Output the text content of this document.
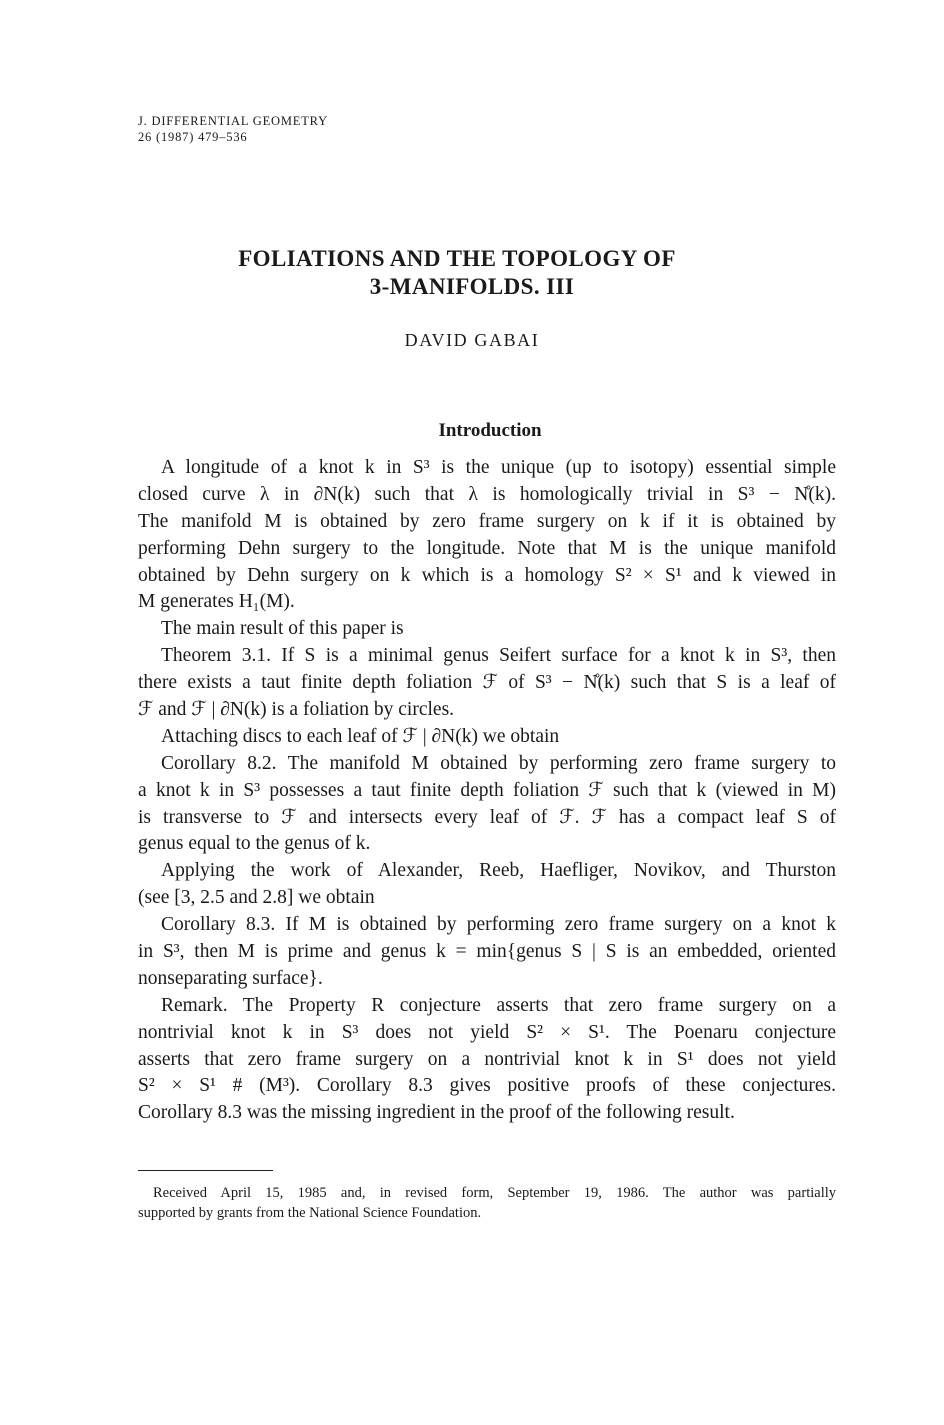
J. DIFFERENTIAL GEOMETRY
26 (1987) 479–536
FOLIATIONS AND THE TOPOLOGY OF
3-MANIFOLDS. III
DAVID GABAI
Introduction
A longitude of a knot k in S³ is the unique (up to isotopy) essential simple
closed curve λ in ∂N(k) such that λ is homologically trivial in S³ − N̊(k).
The manifold M is obtained by zero frame surgery on k if it is obtained by
performing Dehn surgery to the longitude. Note that M is the unique manifold
obtained by Dehn surgery on k which is a homology S² × S¹ and k viewed in
M generates H₁(M).
The main result of this paper is
Theorem 3.1. If S is a minimal genus Seifert surface for a knot k in S³, then
there exists a taut finite depth foliation ℱ of S³ − N̊(k) such that S is a leaf of
ℱ and ℱ | ∂N(k) is a foliation by circles.
Attaching discs to each leaf of ℱ | ∂N(k) we obtain
Corollary 8.2. The manifold M obtained by performing zero frame surgery to
a knot k in S³ possesses a taut finite depth foliation ℱ such that k (viewed in M)
is transverse to ℱ and intersects every leaf of ℱ. ℱ has a compact leaf S of
genus equal to the genus of k.
Applying the work of Alexander, Reeb, Haefliger, Novikov, and Thurston
(see [3, 2.5 and 2.8] we obtain
Corollary 8.3. If M is obtained by performing zero frame surgery on a knot k
in S³, then M is prime and genus k = min{genus S | S is an embedded, oriented
nonseparating surface}.
Remark. The Property R conjecture asserts that zero frame surgery on a
nontrivial knot k in S³ does not yield S² × S¹. The Poenaru conjecture
asserts that zero frame surgery on a nontrivial knot k in S¹ does not yield
S² × S¹ # (M³). Corollary 8.3 gives positive proofs of these conjectures.
Corollary 8.3 was the missing ingredient in the proof of the following result.
Received April 15, 1985 and, in revised form, September 19, 1986. The author was partially
supported by grants from the National Science Foundation.
